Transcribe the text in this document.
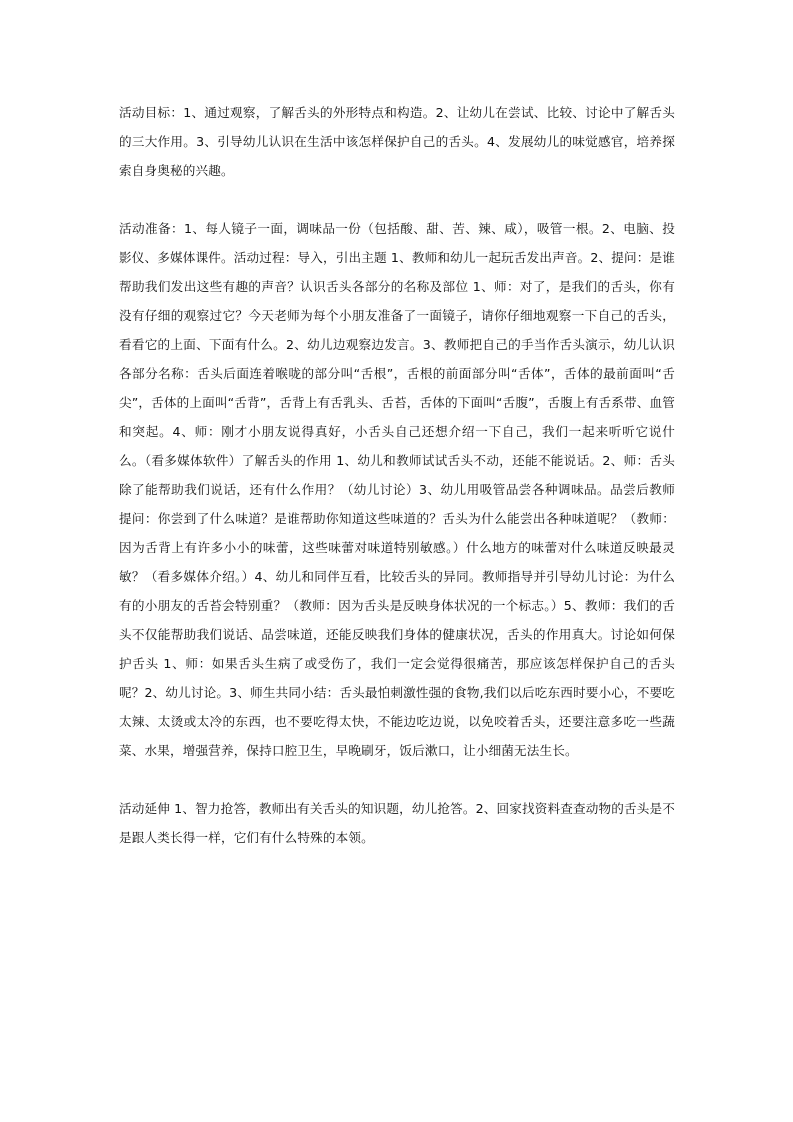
活动目标：1、通过观察，了解舌头的外形特点和构造。2、让幼儿在尝试、比较、讨论中了解舌头的三大作用。3、引导幼儿认识在生活中该怎样保护自己的舌头。4、发展幼儿的味觉感官，培养探索自身奥秘的兴趣。

活动准备：1、每人镜子一面，调味品一份（包括酸、甜、苦、辣、咸），吸管一根。2、电脑、投影仪、多媒体课件。活动过程：导入，引出主题 1、教师和幼儿一起玩舌发出声音。2、提问：是谁帮助我们发出这些有趣的声音？认识舌头各部分的名称及部位 1、师：对了，是我们的舌头，你有没有仔细的观察过它？今天老师为每个小朋友准备了一面镜子，请你仔细地观察一下自己的舌头，看看它的上面、下面有什么。2、幼儿边观察边发言。3、教师把自己的手当作舌头演示，幼儿认识各部分名称：舌头后面连着喉咙的部分叫“舌根”，舌根的前面部分叫“舌体”，舌体的最前面叫“舌尖”，舌体的上面叫“舌背”，舌背上有舌乳头、舌苔，舌体的下面叫“舌腹”，舌腹上有舌系带、血管和突起。4、师：刚才小朋友说得真好，小舌头自己还想介绍一下自己，我们一起来听听它说什么。（看多媒体软件）了解舌头的作用 1、幼儿和教师试试舌头不动，还能不能说话。2、师：舌头除了能帮助我们说话，还有什么作用？（幼儿讨论）3、幼儿用吸管品尝各种调味品。品尝后教师提问：你尝到了什么味道？是谁帮助你知道这些味道的？舌头为什么能尝出各种味道呢？（教师：因为舌背上有许多小小的味蕾，这些味蕾对味道特别敏感。）什么地方的味蕾对什么味道反映最灵敏？（看多媒体介绍。）4、幼儿和同伴互看，比较舌头的异同。教师指导并引导幼儿讨论：为什么有的小朋友的舌苔会特别重？（教师：因为舌头是反映身体状况的一个标志。）5、教师：我们的舌头不仅能帮助我们说话、品尝味道，还能反映我们身体的健康状况，舌头的作用真大。讨论如何保护舌头 1、师：如果舌头生病了或受伤了，我们一定会觉得很痛苦，那应该怎样保护自己的舌头呢？2、幼儿讨论。3、师生共同小结：舌头最怕刺激性强的食物,我们以后吃东西时要小心，不要吃太辣、太烫或太冷的东西，也不要吃得太快，不能边吃边说，以免咬着舌头，还要注意多吃一些蔬菜、水果，增强营养，保持口腔卫生，早晚刷牙，饭后漱口，让小细菌无法生长。

活动延伸 1、智力抢答，教师出有关舌头的知识题，幼儿抢答。2、回家找资料查查动物的舌头是不是跟人类长得一样，它们有什么特殊的本领。
